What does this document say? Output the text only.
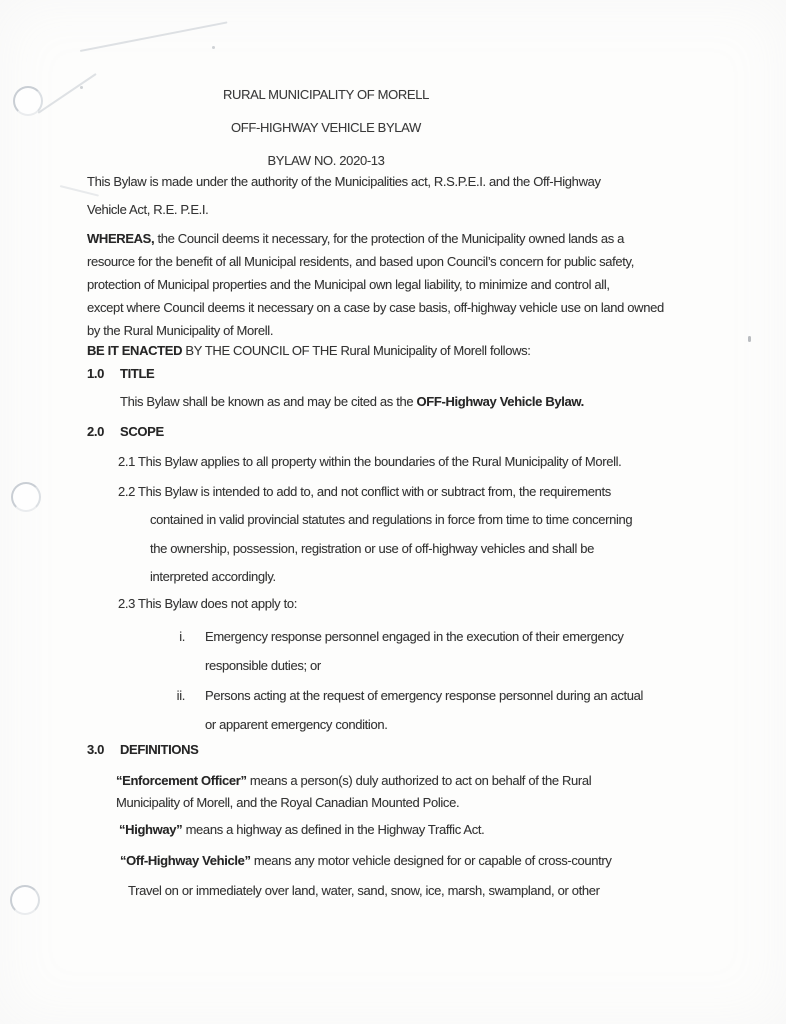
RURAL MUNICIPALITY OF MORELL
OFF-HIGHWAY VEHICLE BYLAW
BYLAW NO. 2020-13
This Bylaw is made under the authority of the Municipalities act, R.S.P.E.I. and the Off-Highway
Vehicle Act, R.E. P.E.I.
WHEREAS, the Council deems it necessary, for the protection of the Municipality owned lands as a
resource for the benefit of all Municipal residents, and based upon Council’s concern for public safety,
protection of Municipal properties and the Municipal own legal liability, to minimize and control all,
except where Council deems it necessary on a case by case basis, off-highway vehicle use on land owned
by the Rural Municipality of Morell.
BE IT ENACTED BY THE COUNCIL OF THE Rural Municipality of Morell follows:
1.0 TITLE
This Bylaw shall be known as and may be cited as the OFF-Highway Vehicle Bylaw.
2.0 SCOPE
2.1 This Bylaw applies to all property within the boundaries of the Rural Municipality of Morell.
2.2 This Bylaw is intended to add to, and not conflict with or subtract from, the requirements
contained in valid provincial statutes and regulations in force from time to time concerning
the ownership, possession, registration or use of off-highway vehicles and shall be
interpreted accordingly.
2.3 This Bylaw does not apply to:
i. Emergency response personnel engaged in the execution of their emergency
responsible duties; or
ii. Persons acting at the request of emergency response personnel during an actual
or apparent emergency condition.
3.0 DEFINITIONS
“Enforcement Officer” means a person(s) duly authorized to act on behalf of the Rural
Municipality of Morell, and the Royal Canadian Mounted Police.
“Highway” means a highway as defined in the Highway Traffic Act.
“Off-Highway Vehicle” means any motor vehicle designed for or capable of cross-country
Travel on or immediately over land, water, sand, snow, ice, marsh, swampland, or other
